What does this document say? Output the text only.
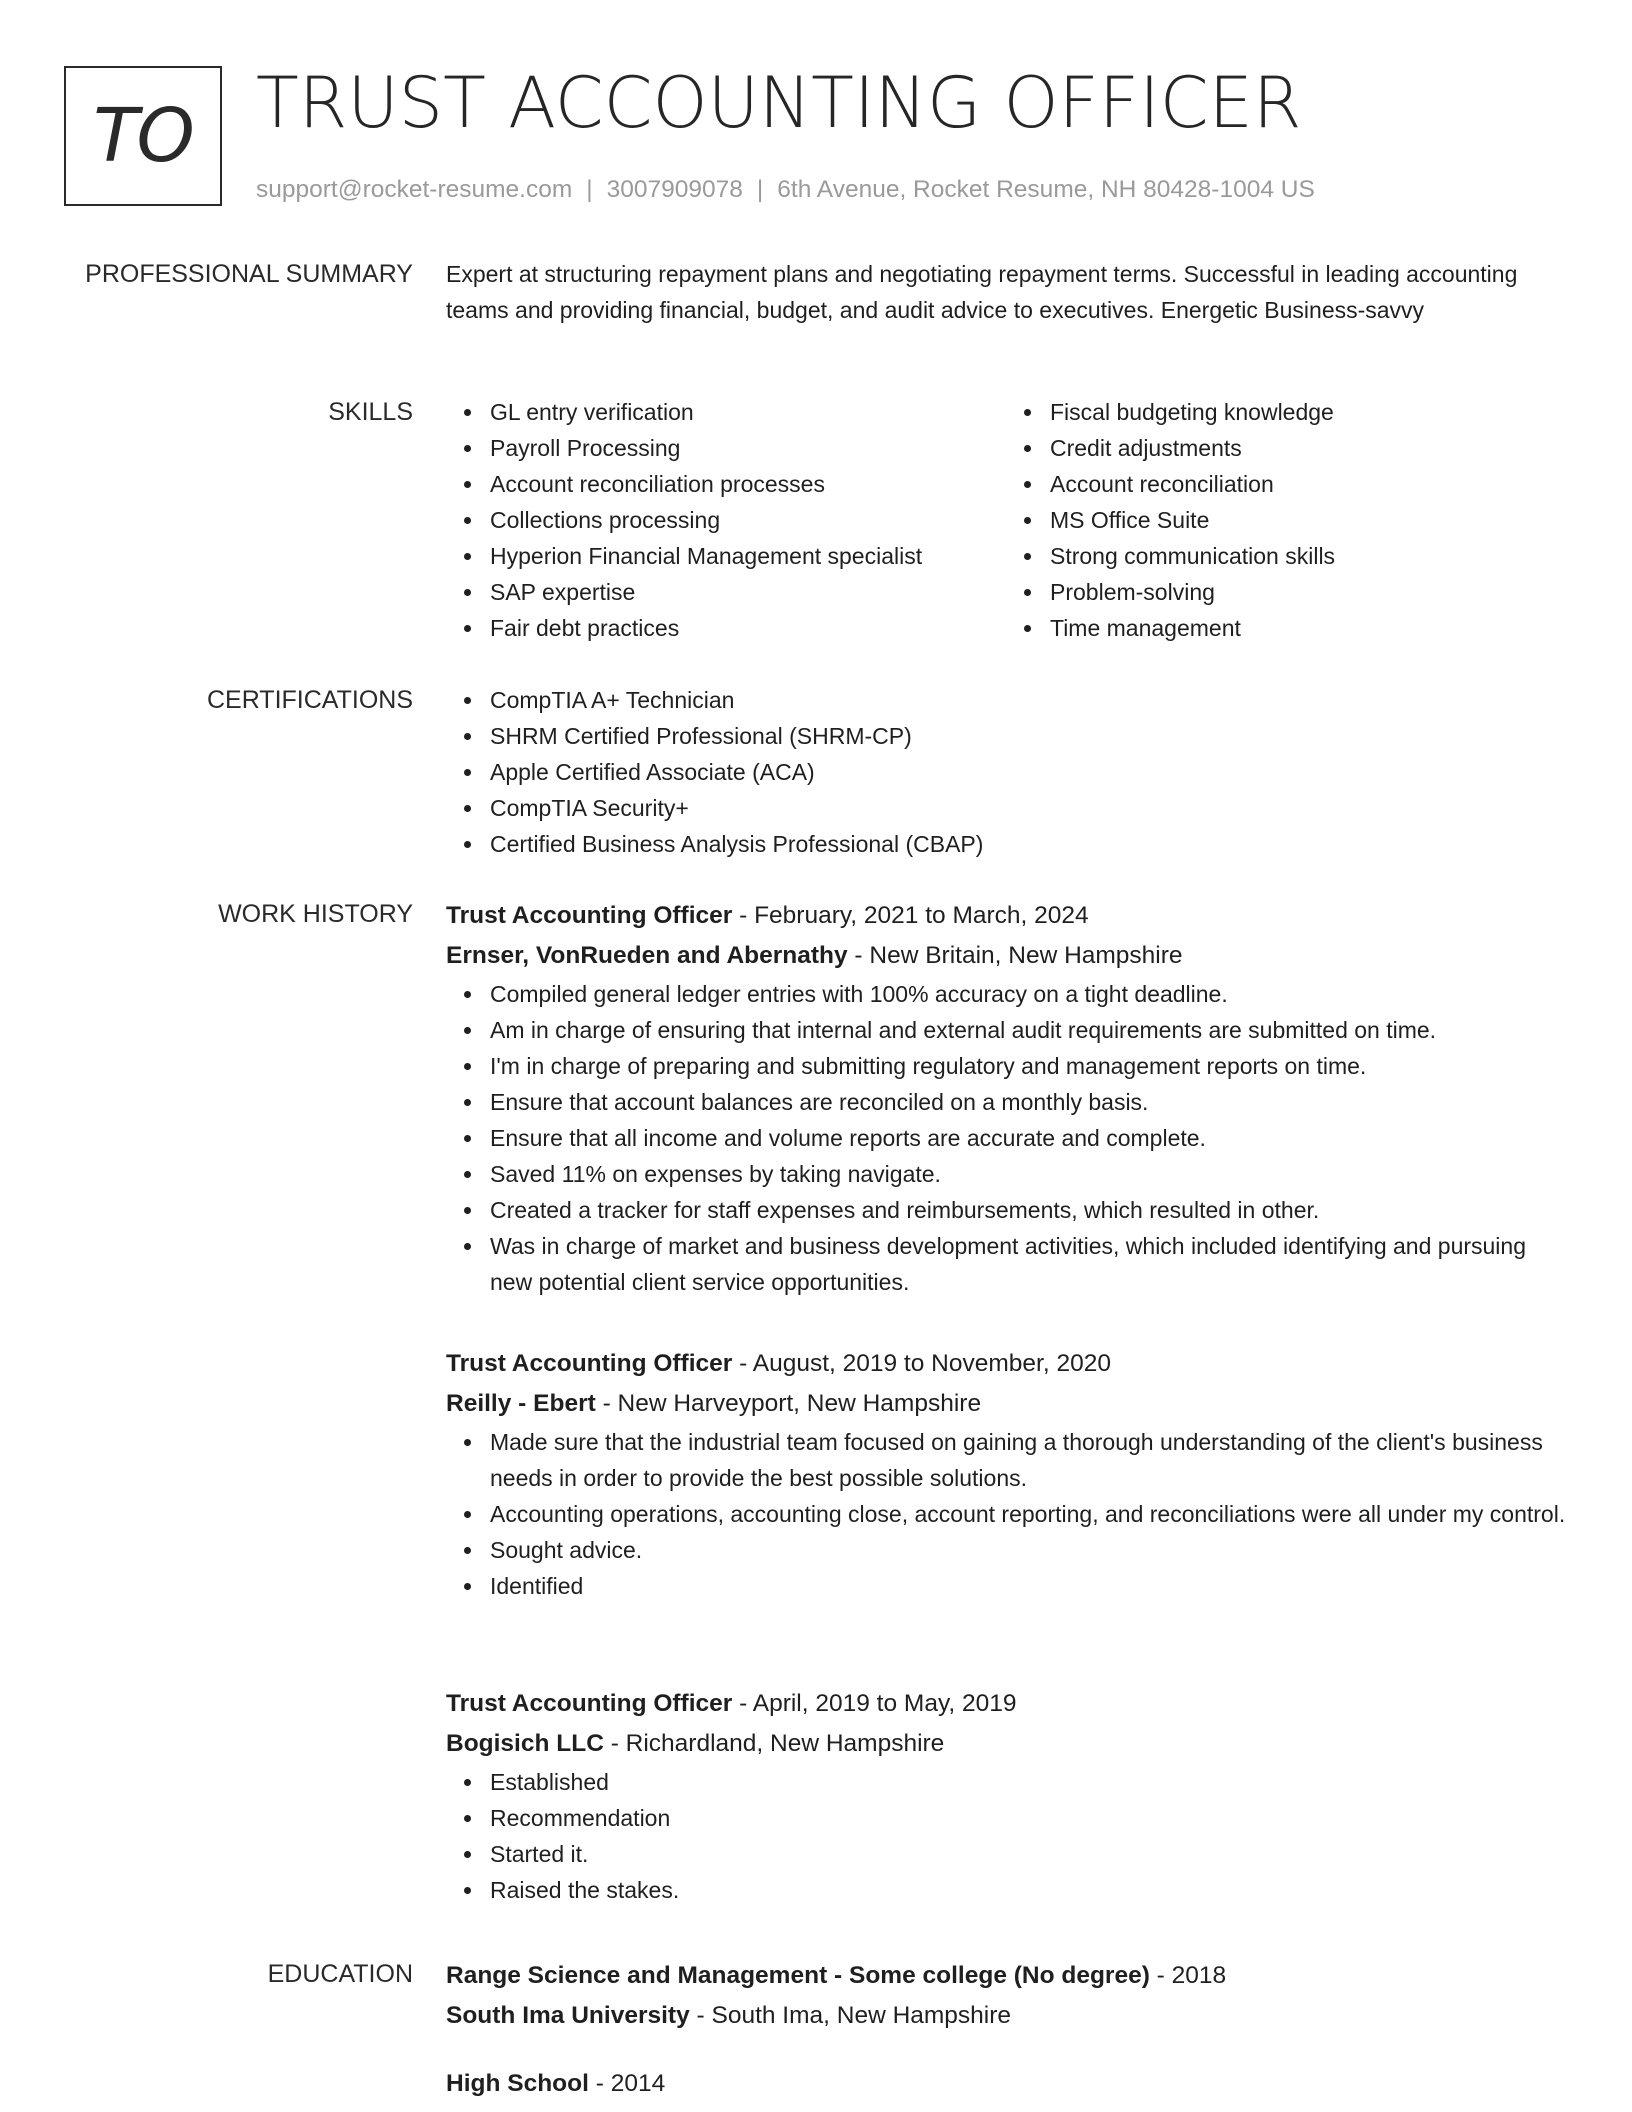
TO TRUST ACCOUNTING OFFICER
support@rocket-resume.com | 3007909078 | 6th Avenue, Rocket Resume, NH 80428-1004 US
PROFESSIONAL SUMMARY Expert at structuring repayment plans and negotiating repayment terms. Successful in leading accounting teams and providing financial, budget, and audit advice to executives. Energetic Business-savvy
SKILLS	GL entry verification
Payroll Processing
Account reconciliation processes
Collections processing
Hyperion Financial Management specialist
SAP expertise
Fair debt practices
Fiscal budgeting knowledge
Credit adjustments
Account reconciliation
MS Office Suite
Strong communication skills
Problem-solving
Time management
CERTIFICATIONS	CompTIA A+ Technician
SHRM Certified Professional (SHRM-CP)
Apple Certified Associate (ACA)
CompTIA Security+
Certified Business Analysis Professional (CBAP)
WORK HISTORY Trust Accounting Officer - February, 2021 to March, 2024
Ernser, VonRueden and Abernathy - New Britain, New Hampshire
Compiled general ledger entries with 100% accuracy on a tight deadline.
Am in charge of ensuring that internal and external audit requirements are submitted on time.
I'm in charge of preparing and submitting regulatory and management reports on time.
Ensure that account balances are reconciled on a monthly basis.
Ensure that all income and volume reports are accurate and complete.
Saved 11% on expenses by taking navigate.
Created a tracker for staff expenses and reimbursements, which resulted in other.
Was in charge of market and business development activities, which included identifying and pursuing new potential client service opportunities.
Trust Accounting Officer - August, 2019 to November, 2020
Reilly - Ebert - New Harveyport, New Hampshire
Made sure that the industrial team focused on gaining a thorough understanding of the client's business needs in order to provide the best possible solutions.
Accounting operations, accounting close, account reporting, and reconciliations were all under my control.
Sought advice.
Identified
Trust Accounting Officer - April, 2019 to May, 2019
Bogisich LLC - Richardland, New Hampshire
Established
Recommendation
Started it.
Raised the stakes.
EDUCATION Range Science and Management - Some college (No degree) - 2018
South Ima University - South Ima, New Hampshire
High School - 2014
